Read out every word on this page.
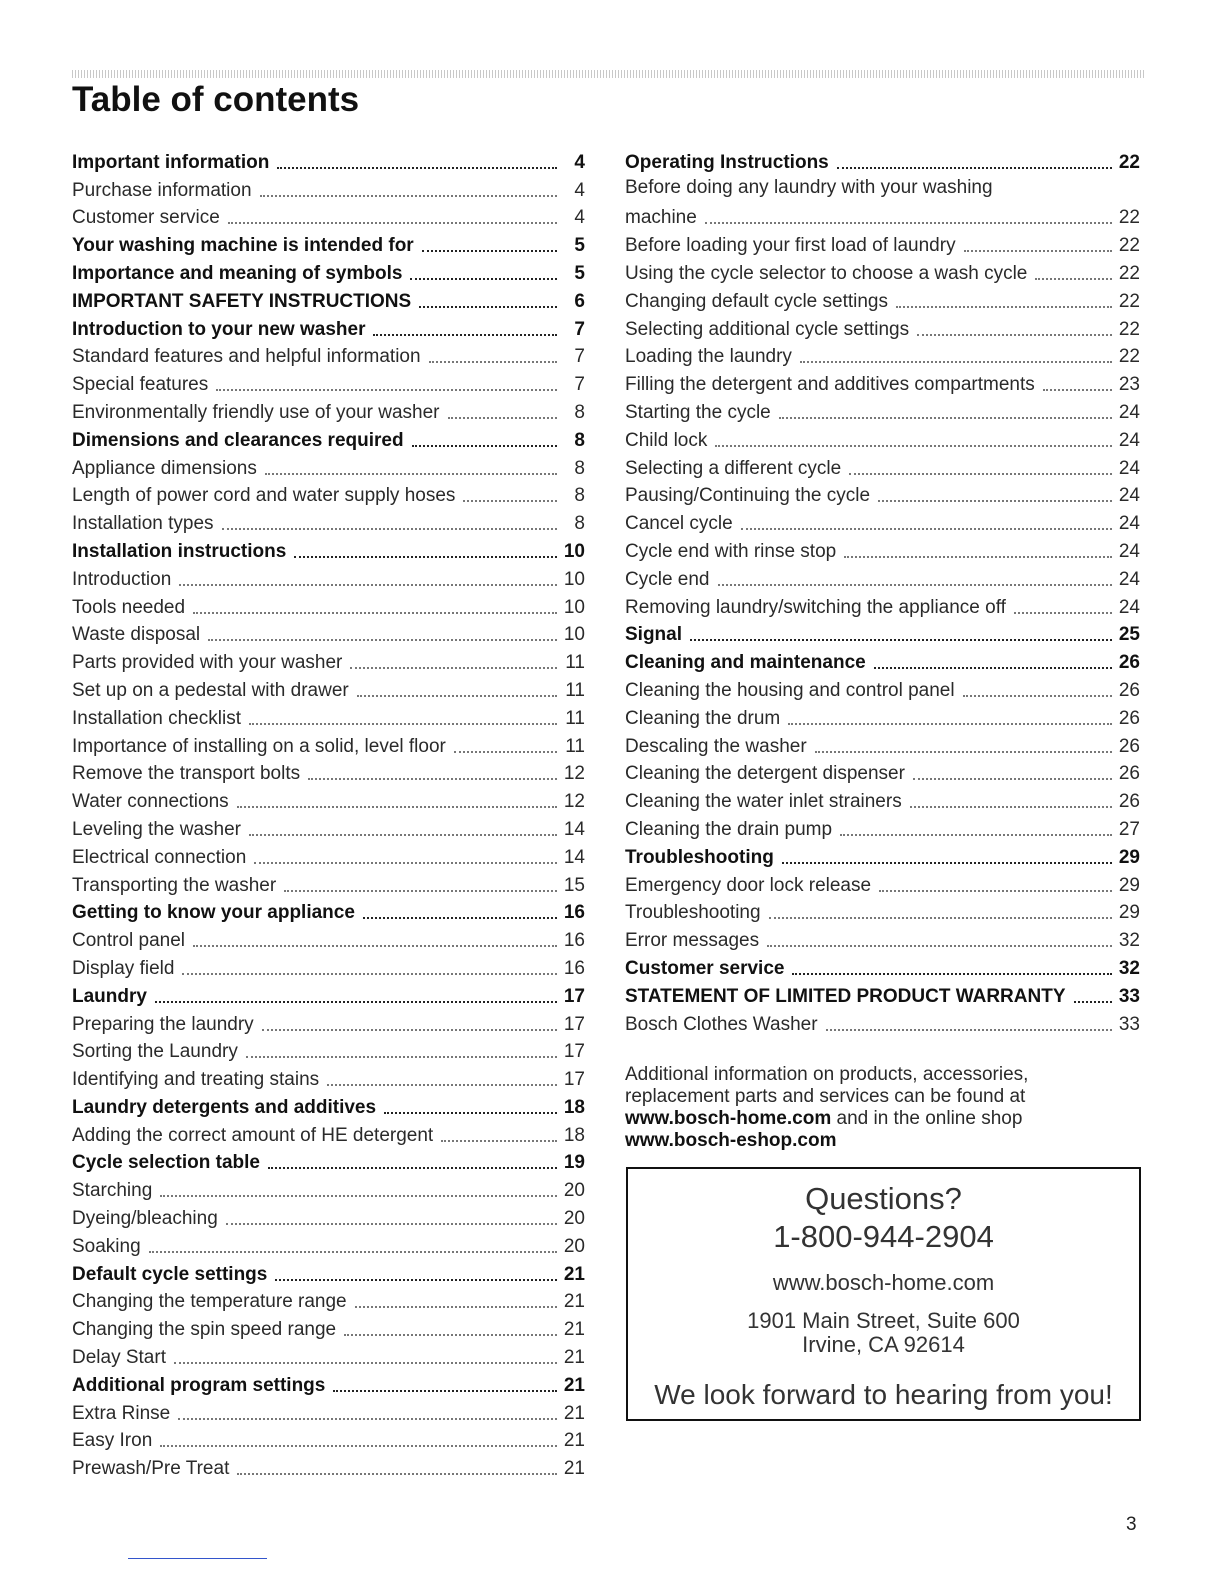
Table of contents
Important information	4
Purchase information	4
Customer service	4
Your washing machine is intended for	5
Importance and meaning of symbols	5
IMPORTANT SAFETY INSTRUCTIONS	6
Introduction to your new washer	7
Standard features and helpful information	7
Special features	7
Environmentally friendly use of your washer	8
Dimensions and clearances required	8
Appliance dimensions	8
Length of power cord and water supply hoses	8
Installation types	8
Installation instructions	10
Introduction	10
Tools needed	10
Waste disposal	10
Parts provided with your washer	11
Set up on a pedestal with drawer	11
Installation checklist	11
Importance of installing on a solid, level floor	11
Remove the transport bolts	12
Water connections	12
Leveling the washer	14
Electrical connection	14
Transporting the washer	15
Getting to know your appliance	16
Control panel	16
Display field	16
Laundry	17
Preparing the laundry	17
Sorting the Laundry	17
Identifying and treating stains	17
Laundry detergents and additives	18
Adding the correct amount of HE detergent	18
Cycle selection table	19
Starching	20
Dyeing/bleaching	20
Soaking	20
Default cycle settings	21
Changing the temperature range	21
Changing the spin speed range	21
Delay Start	21
Additional program settings	21
Extra Rinse	21
Easy Iron	21
Prewash/Pre Treat	21
Operating Instructions	22
Before doing any laundry with your washing
machine	22
Before loading your first load of laundry	22
Using the cycle selector to choose a wash cycle	22
Changing default cycle settings	22
Selecting additional cycle settings	22
Loading the laundry	22
Filling the detergent and additives compartments	23
Starting the cycle	24
Child lock	24
Selecting a different cycle	24
Pausing/Continuing the cycle	24
Cancel cycle	24
Cycle end with rinse stop	24
Cycle end	24
Removing laundry/switching the appliance off	24
Signal	25
Cleaning and maintenance	26
Cleaning the housing and control panel	26
Cleaning the drum	26
Descaling the washer	26
Cleaning the detergent dispenser	26
Cleaning the water inlet strainers	26
Cleaning the drain pump	27
Troubleshooting	29
Emergency door lock release	29
Troubleshooting	29
Error messages	32
Customer service	32
STATEMENT OF LIMITED PRODUCT WARRANTY	33
Bosch Clothes Washer	33
Additional information on products, accessories,
replacement parts and services can be found at
www.bosch-home.com and in the online shop
www.bosch-eshop.com
Questions?
1-800-944-2904
www.bosch-home.com
1901 Main Street, Suite 600
Irvine, CA 92614
We look forward to hearing from you!
3
